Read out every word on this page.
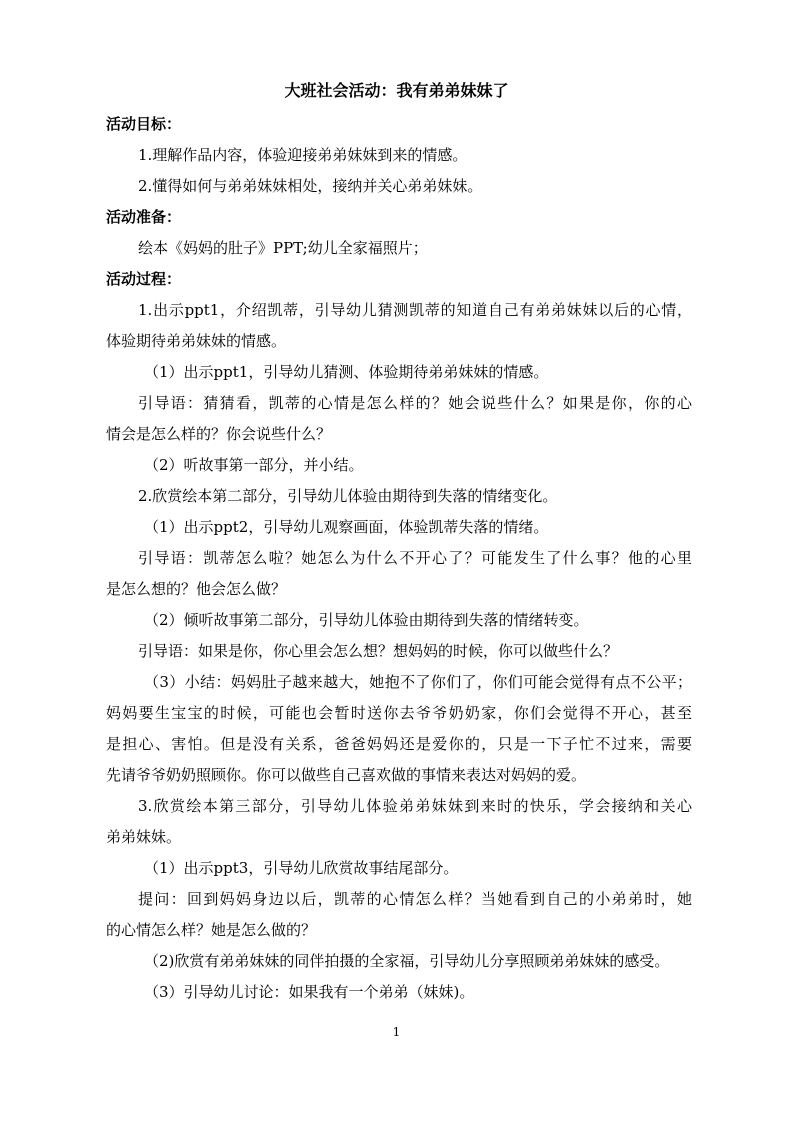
大班社会活动：我有弟弟妹妹了
活动目标：
1.理解作品内容，体验迎接弟弟妹妹到来的情感。
2.懂得如何与弟弟妹妹相处，接纳并关心弟弟妹妹。
活动准备：
绘本《妈妈的肚子》PPT;幼儿全家福照片；
活动过程：
1.出示ppt1，介绍凯蒂，引导幼儿猜测凯蒂的知道自己有弟弟妹妹以后的心情，
体验期待弟弟妹妹的情感。
（1）出示ppt1，引导幼儿猜测、体验期待弟弟妹妹的情感。
引导语：猜猜看，凯蒂的心情是怎么样的？她会说些什么？如果是你，你的心
情会是怎么样的？你会说些什么？
（2）听故事第一部分，并小结。
2.欣赏绘本第二部分，引导幼儿体验由期待到失落的情绪变化。
（1）出示ppt2，引导幼儿观察画面，体验凯蒂失落的情绪。
引导语：凯蒂怎么啦？她怎么为什么不开心了？可能发生了什么事？他的心里
是怎么想的？他会怎么做？
（2）倾听故事第二部分，引导幼儿体验由期待到失落的情绪转变。
引导语：如果是你，你心里会怎么想？想妈妈的时候，你可以做些什么？
（3）小结：妈妈肚子越来越大，她抱不了你们了，你们可能会觉得有点不公平；
妈妈要生宝宝的时候，可能也会暂时送你去爷爷奶奶家，你们会觉得不开心，甚至
是担心、害怕。但是没有关系，爸爸妈妈还是爱你的，只是一下子忙不过来，需要
先请爷爷奶奶照顾你。你可以做些自己喜欢做的事情来表达对妈妈的爱。
3.欣赏绘本第三部分，引导幼儿体验弟弟妹妹到来时的快乐，学会接纳和关心
弟弟妹妹。
（1）出示ppt3，引导幼儿欣赏故事结尾部分。
提问：回到妈妈身边以后，凯蒂的心情怎么样？当她看到自己的小弟弟时，她
的心情怎么样？她是怎么做的？
（2)欣赏有弟弟妹妹的同伴拍摄的全家福，引导幼儿分享照顾弟弟妹妹的感受。
（3）引导幼儿讨论：如果我有一个弟弟（妹妹)。
1
